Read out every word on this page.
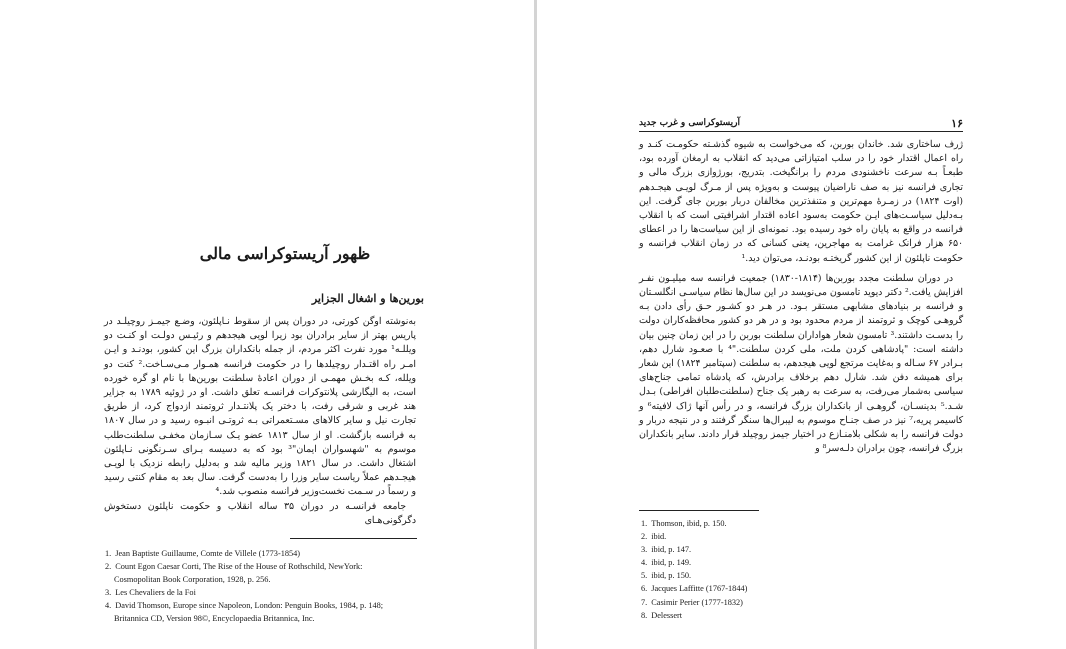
ظهور آریستوکراسی مالی
بورین‌ها و اشغال الجزایر

به‌نوشته اوگن کورتی، در دوران پس از سقوط نـاپلئون، وضـع جیمـز روچیلـد در پاریس بهتر از سایر برادران بود زیرا لویی هیجدهم و رئیـس دولـت او کنـت دو ویللـه¹ مورد نفرت اکثر مردم، از جمله بانکداران بزرگ این کشور، بودنـد و ایـن امـر راه اقتـدار روچیلدها را در حکومت فرانسه همـوار مـی‌سـاخت.² کنت دو ویلله، کـه بخـش مهمـی از دوران اعادهٔ سلطنت بورین‌ها با نام او گره خورده است، به الیگارشی پلانتوکرات فرانسـه تعلق داشت. او در ژوئیه ۱۷۸۹ به جزایر هند غربی و شرقی رفت، با دختر یک پلانتـدار ثروتمند ازدواج کرد، از طریق تجارت نیل و سایر کالاهای مسـتعمراتی بـه ثروتـی انبـوه رسید و در سال ۱۸۰۷ به فرانسه بازگشت. او از سال ۱۸۱۳ عضو یـک سـازمان مخفـی سلطنت‌طلب موسوم به "شهسواران ایمان"³ بود که به دسیسه بـرای سـرنگونی نـاپلئون اشتغال داشت. در سال ۱۸۲۱ وزیر مالیه شد و به‌دلیل رابطه نزدیک با لویـی هیجـدهم عملاً ریاست سایر وزرا را به‌دست گرفت. سال بعد به مقام کنتی رسید و رسماً در سـمت نخست‌وزیر فرانسه منصوب شد.⁴

جامعه فرانسـه در دوران ۳۵ ساله انقلاب و حکومت ناپلئون دستخوش دگرگونی‌هـای

1. Jean Baptiste Guillaume, Comte de Villele (1773-1854)
2. Count Egon Caesar Corti, The Rise of the House of Rothschild, NewYork:
Cosmopolitan Book Corporation, 1928, p. 256.
3. Les Chevaliers de la Foi
4. David Thomson, Europe since Napoleon, London: Penguin Books, 1984, p. 148;
Britannica CD, Version 98©, Encyclopaedia Britannica, Inc.
۱۶
آریستوکراسی و غرب جدید

ژرف ساختاری شد. خاندان بوربن، که می‌خواست به شیوه گذشـته حکومـت کنـد و راه اعمال اقتدار خود را در سلب امتیازاتی می‌دید که انقلاب به ارمغان آورده بود، طبعـاً بـه سرعت ناخشنودی مردم را برانگیخت. بتدریج، بورژوازی بزرگ مالی و تجاری فرانسه نیز به صف ناراضیان پیوست و به‌ویژه پس از مـرگ لویـی هیجـدهم (اوت ۱۸۲۴) در زمـرهٔ مهم‌ترین و متنفذترین مخالفان دربار بوربن جای گرفت. این بـه‌دلیل سیاسـت‌های ایـن حکومت به‌سود اعاده اقتدار اشرافیتی است که با انقلاب فرانسه در واقع به پایان راه خود رسیده بود. نمونه‌ای از این سیاست‌ها را در اعطای ۶۵۰ هزار فرانک غرامت به مهاجرین، یعنی کسانی که در زمان انقلاب فرانسه و حکومت ناپلئون از این کشور گریختـه بودنـد، می‌توان دید.¹

در دوران سلطنت مجدد بوربن‌ها (۱۸۱۴-۱۸۳۰) جمعیت فرانسه سه میلیـون نفـر افزایش یافت.² دکتر دیوید تامسون می‌نویسد در این سال‌ها نظام سیاسـی انگلسـتان و فرانسه بر بنیادهای مشابهی مستقر بـود. در هـر دو کشـور حـق رأی دادن بـه گروهـی کوچک و ثروتمند از مردم محدود بود و در هر دو کشور محافظه‌کاران دولت را بدسـت داشتند.³ تامسون شعار هواداران سلطنت بوربن را در این زمان چنین بیان داشته است: "پادشاهی کردن ملت، ملی کردن سلطنت."⁴ با صعـود شارل دهم، بـرادر ۶۷ سـاله و به‌غایت مرتجع لویی هیجدهم، به سلطنت (سپتامبر ۱۸۲۴) این شعار برای همیشه دفن شد. شارل دهم برخلاف برادرش، که پادشاه تمامی جناح‌های سیاسی به‌شمار می‌رفت، به سرعت به رهبر یک جناح (سلطنت‌طلبان افراطی) بـدل شـد.⁵ بدینسـان، گروهـی از بانکداران بزرگ فرانسه، و در رأس آنها ژاک لافیته⁶ و کاسیمر پریه،⁷ نیز در صف جنـاح موسوم به لیبرال‌ها سنگر گرفتند و در نتیجه دربار و دولت فرانسه را به شکلی بلامنـازع در اختیار جیمز روچیلد قرار دادند. سایر بانکداران بزرگ فرانسه، چون برادران دلـه‌سر⁸ و

1. Thomson, ibid, p. 150.
2. ibid.
3. ibid, p. 147.
4. ibid, p. 149.
5. ibid, p. 150.
6. Jacques Laffitte (1767-1844)
7. Casimir Perier (1777-1832)
8. Delessert
